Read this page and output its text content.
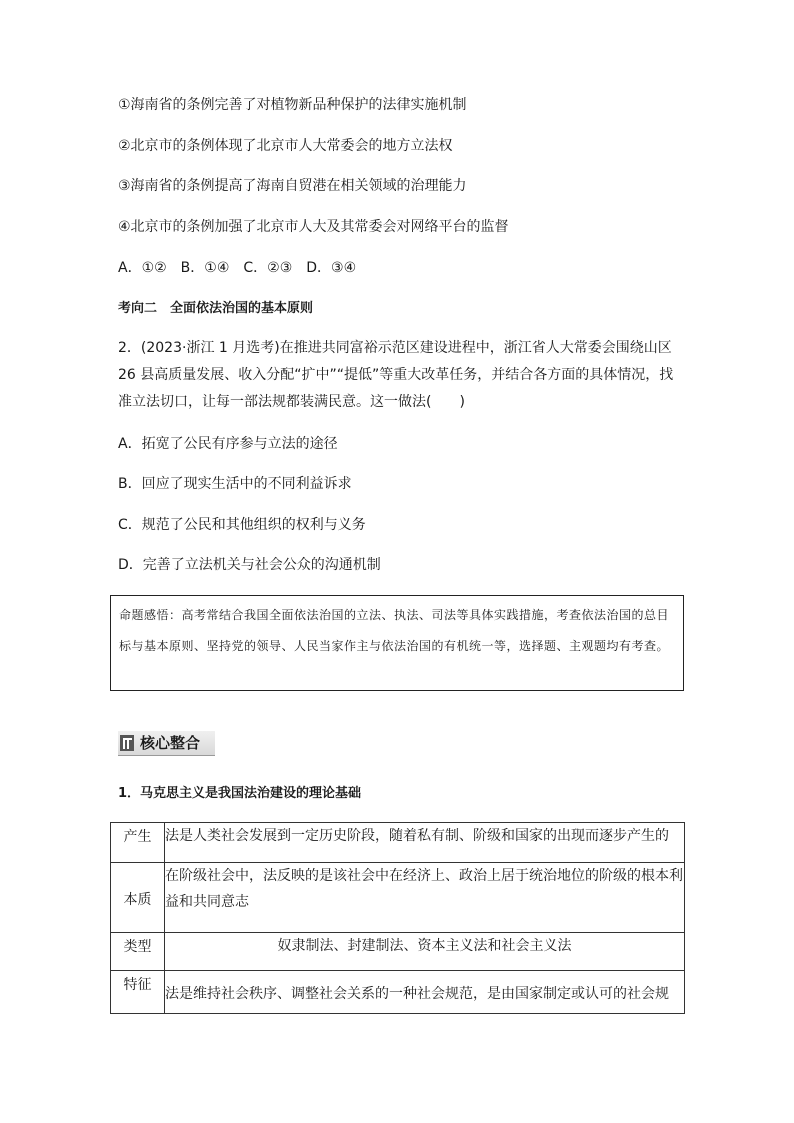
①海南省的条例完善了对植物新品种保护的法律实施机制
②北京市的条例体现了北京市人大常委会的地方立法权
③海南省的条例提高了海南自贸港在相关领域的治理能力
④北京市的条例加强了北京市人大及其常委会对网络平台的监督
A．①②　B．①④　C．②③　D．③④
考向二　全面依法治国的基本原则
2．(2023·浙江 1 月选考)在推进共同富裕示范区建设进程中，浙江省人大常委会围绕山区 26 县高质量发展、收入分配“扩中”“提低”等重大改革任务，并结合各方面的具体情况，找准立法切口，让每一部法规都装满民意。这一做法(　　)
A．拓宽了公民有序参与立法的途径
B．回应了现实生活中的不同利益诉求
C．规范了公民和其他组织的权利与义务
D．完善了立法机关与社会公众的沟通机制
命题感悟：高考常结合我国全面依法治国的立法、执法、司法等具体实践措施，考查依法治国的总目标与基本原则、坚持党的领导、人民当家作主与依法治国的有机统一等，选择题、主观题均有考查。
核心整合
1．马克思主义是我国法治建设的理论基础
产生	法是人类社会发展到一定历史阶段，随着私有制、阶级和国家的出现而逐步产生的

本质	在阶级社会中，法反映的是该社会中在经济上、政治上居于统治地位的阶级的根本利益和共同意志

类型	奴隶制法、封建制法、资本主义法和社会主义法

特征	法是维持社会秩序、调整社会关系的一种社会规范，是由国家制定或认可的社会规
